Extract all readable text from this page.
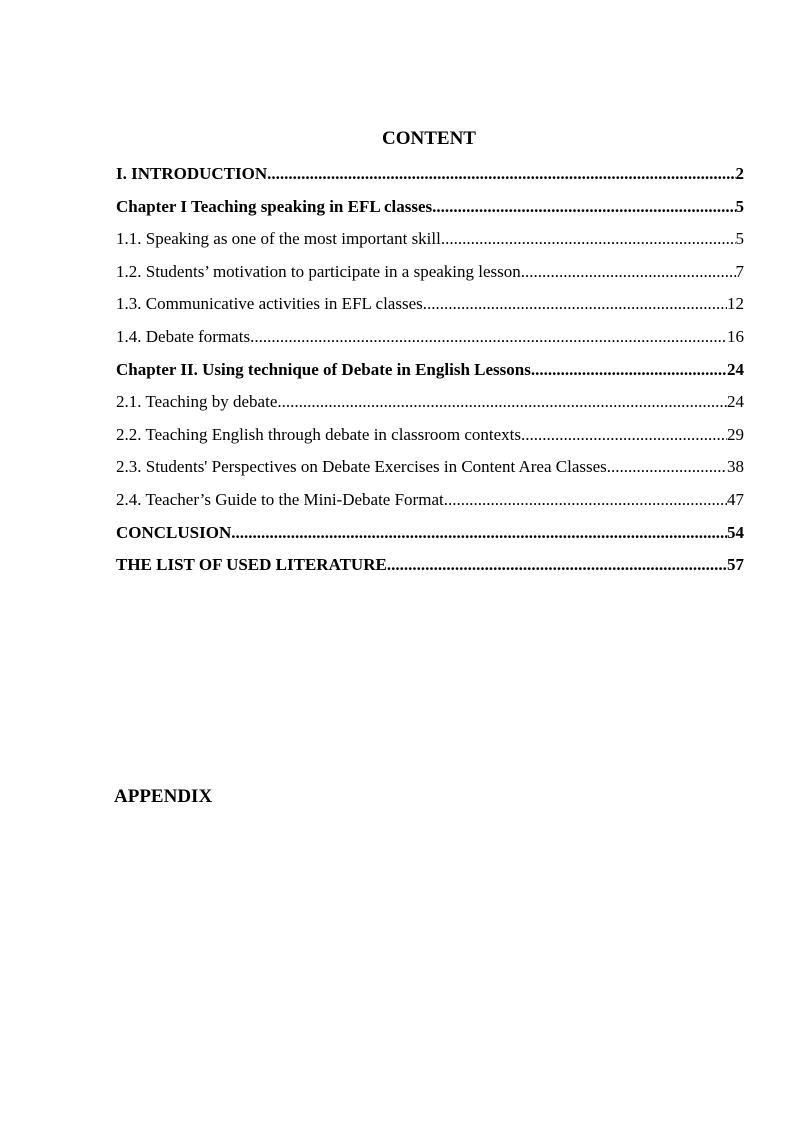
CONTENT
I. INTRODUCTION .....	2
Chapter I Teaching speaking in EFL classes .....	5
1.1. Speaking as one of the most important skill .....	5
1.2. Students’ motivation to participate in a speaking lesson .....	7
1.3. Communicative activities in EFL classes .....	12
1.4. Debate formats .....	16
Chapter II. Using technique of Debate in English Lessons .....	24
2.1. Teaching by debate .....	24
2.2. Teaching English through debate in classroom contexts .....	29
2.3. Students' Perspectives on Debate Exercises in Content Area Classes .....	38
2.4. Teacher’s Guide to the Mini-Debate Format .....	47
CONCLUSION .....	54
THE LIST OF USED LITERATURE .....	57
APPENDIX
